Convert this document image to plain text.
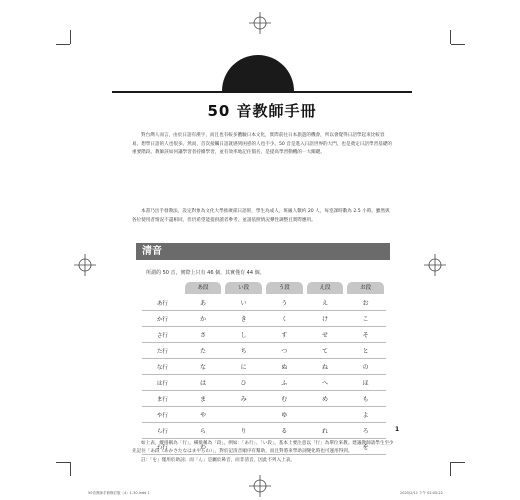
50 音教師手冊

對台灣人而言，由於日語有漢字，而且也有較多體驗日本文化，實際前往日本旅遊的機會，所以會覺得日語學起來比較容易。想學日語的人也很多。然而，首次接觸日語就感到困惑的人也不少。50 音是進入日語世界的大門，也是奠定日語學習基礎的重要階段。教師該如何讓學習者持續學習，並有效率地記住假名，是提高學習動機的一大關鍵。

本書乃出手發教法，設定對象為文化大學推廣部日語班，學生為成人，班級人數約 20 人，每堂課時數為 2.5 小時。雖然與各位使用者情況不盡相同，但仍希望能提供讀者參考，並請依照情況彈性調整且實際應用。

清音
所謂的 50 音，實際上只有 46 個，其實僅有 44 個。

	あ段	い段	う段	え段	お段

あ行	あ	い	う	え	お
か行	か	き	く	け	こ
さ行	さ	し	す	せ	そ
た行	た	ち	つ	て	と
な行	な	に	ぬ	ね	の
は行	は	ひ	ふ	へ	ほ
ま行	ま	み	む	め	も
や行	や		ゆ		よ
ら行	ら	り	る	れ	ろ
わ行	わ				を

如上表，縱排稱為「行」，橫排稱為「段」。例如：「あ行」、「い段」，基本上要注意以「行」為單位來教。建議教師請學生至少先記住「あ段（あかさたなはまやらわ）」，對於記清音順序有幫助，而且對將來學助詞變化時也可運用得到。

註：「を」僅用於助詞；而「ん」是屬於鼻音，而非清音，因此不列入上表。

1
50音教師手冊修訂版（4）1-30.indd 1	2020/2/11 下午 02:05:22
